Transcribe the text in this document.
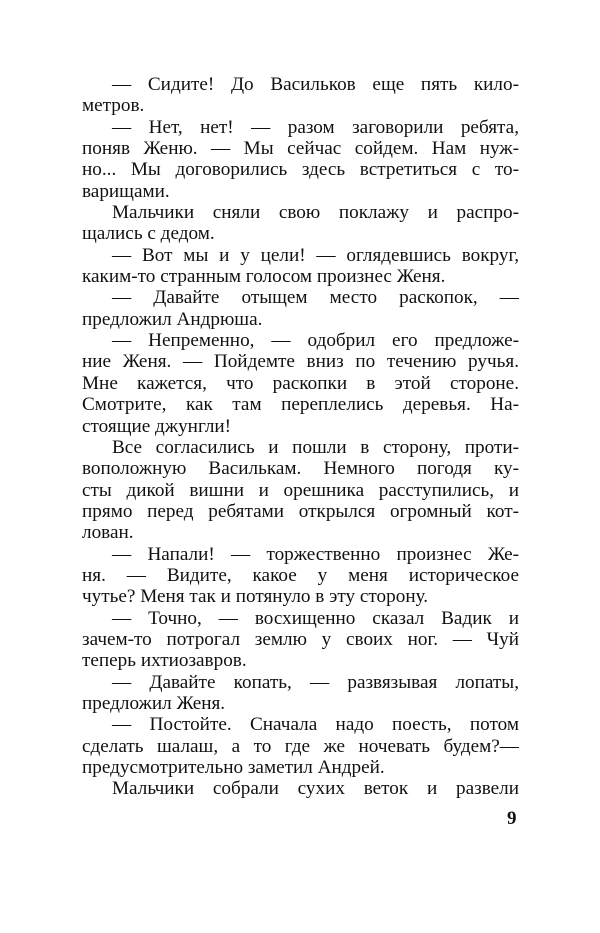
— Сидите! До Васильков еще пять кило-
метров.
— Нет, нет! — разом заговорили ребята,
поняв Женю. — Мы сейчас сойдем. Нам нуж-
но... Мы договорились здесь встретиться с то-
варищами.
Мальчики сняли свою поклажу и распро-
щались с дедом.
— Вот мы и у цели! — оглядевшись вокруг,
каким-то странным голосом произнес Женя.
— Давайте отыщем место раскопок, —
предложил Андрюша.
— Непременно, — одобрил его предложе-
ние Женя. — Пойдемте вниз по течению ручья.
Мне кажется, что раскопки в этой стороне.
Смотрите, как там переплелись деревья. На-
стоящие джунгли!
Все согласились и пошли в сторону, проти-
воположную Василькам. Немного погодя ку-
сты дикой вишни и орешника расступились, и
прямо перед ребятами открылся огромный кот-
лован.
— Напали! — торжественно произнес Же-
ня. — Видите, какое у меня историческое
чутье? Меня так и потянуло в эту сторону.
— Точно, — восхищенно сказал Вадик и
зачем-то потрогал землю у своих ног. — Чуй
теперь ихтиозавров.
— Давайте копать, — развязывая лопаты,
предложил Женя.
— Постойте. Сначала надо поесть, потом
сделать шалаш, а то где же ночевать будем?—
предусмотрительно заметил Андрей.
Мальчики собрали сухих веток и развели
9
